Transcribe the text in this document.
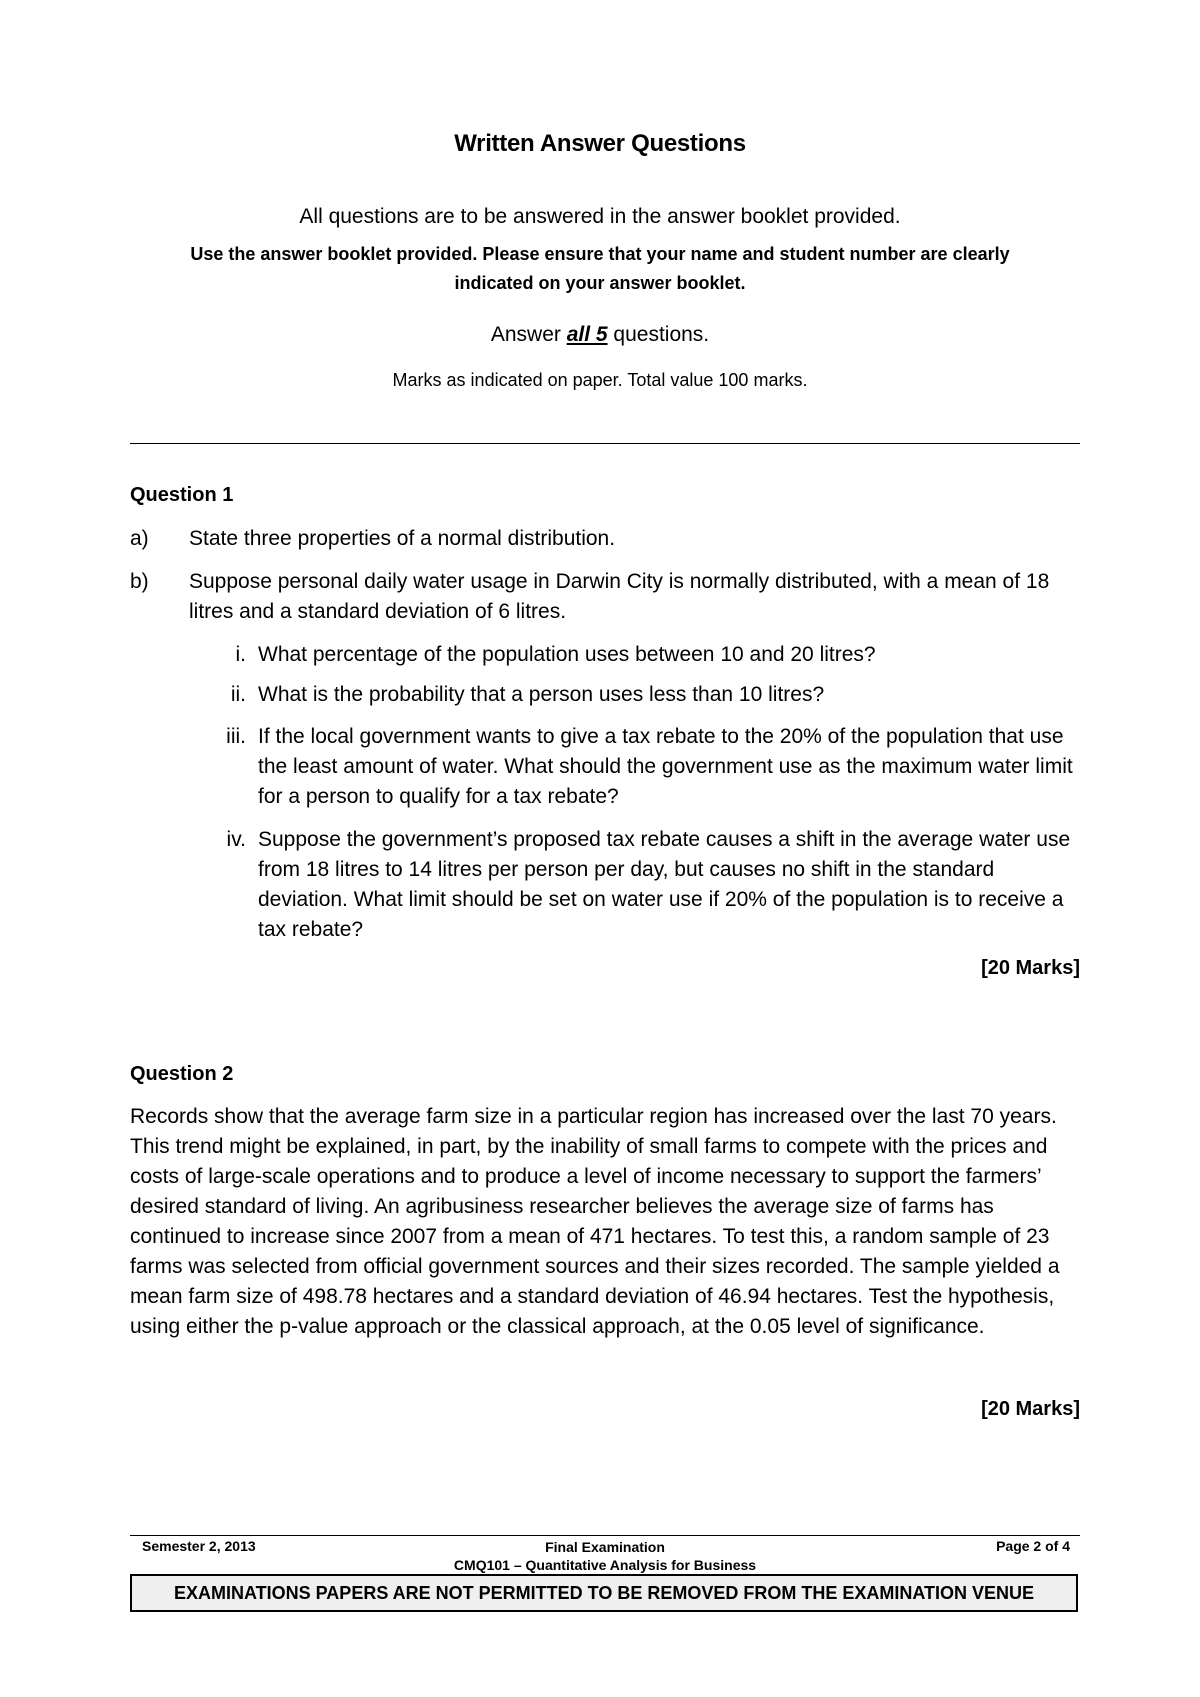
Written Answer Questions
All questions are to be answered in the answer booklet provided.
Use the answer booklet provided. Please ensure that your name and student number are clearly indicated on your answer booklet.
Answer all 5 questions.
Marks as indicated on paper. Total value 100 marks.
Question 1
a) State three properties of a normal distribution.
b) Suppose personal daily water usage in Darwin City is normally distributed, with a mean of 18 litres and a standard deviation of 6 litres.
i. What percentage of the population uses between 10 and 20 litres?
ii. What is the probability that a person uses less than 10 litres?
iii. If the local government wants to give a tax rebate to the 20% of the population that use the least amount of water. What should the government use as the maximum water limit for a person to qualify for a tax rebate?
iv. Suppose the government’s proposed tax rebate causes a shift in the average water use from 18 litres to 14 litres per person per day, but causes no shift in the standard deviation. What limit should be set on water use if 20% of the population is to receive a tax rebate?
[20 Marks]
Question 2
Records show that the average farm size in a particular region has increased over the last 70 years. This trend might be explained, in part, by the inability of small farms to compete with the prices and costs of large-scale operations and to produce a level of income necessary to support the farmers’ desired standard of living. An agribusiness researcher believes the average size of farms has continued to increase since 2007 from a mean of 471 hectares. To test this, a random sample of 23 farms was selected from official government sources and their sizes recorded. The sample yielded a mean farm size of 498.78 hectares and a standard deviation of 46.94 hectares. Test the hypothesis, using either the p-value approach or the classical approach, at the 0.05 level of significance.
[20 Marks]
Semester 2, 2013	Final Examination
CMQ101 – Quantitative Analysis for Business
Page 2 of 4
EXAMINATIONS PAPERS ARE NOT PERMITTED TO BE REMOVED FROM THE EXAMINATION VENUE
